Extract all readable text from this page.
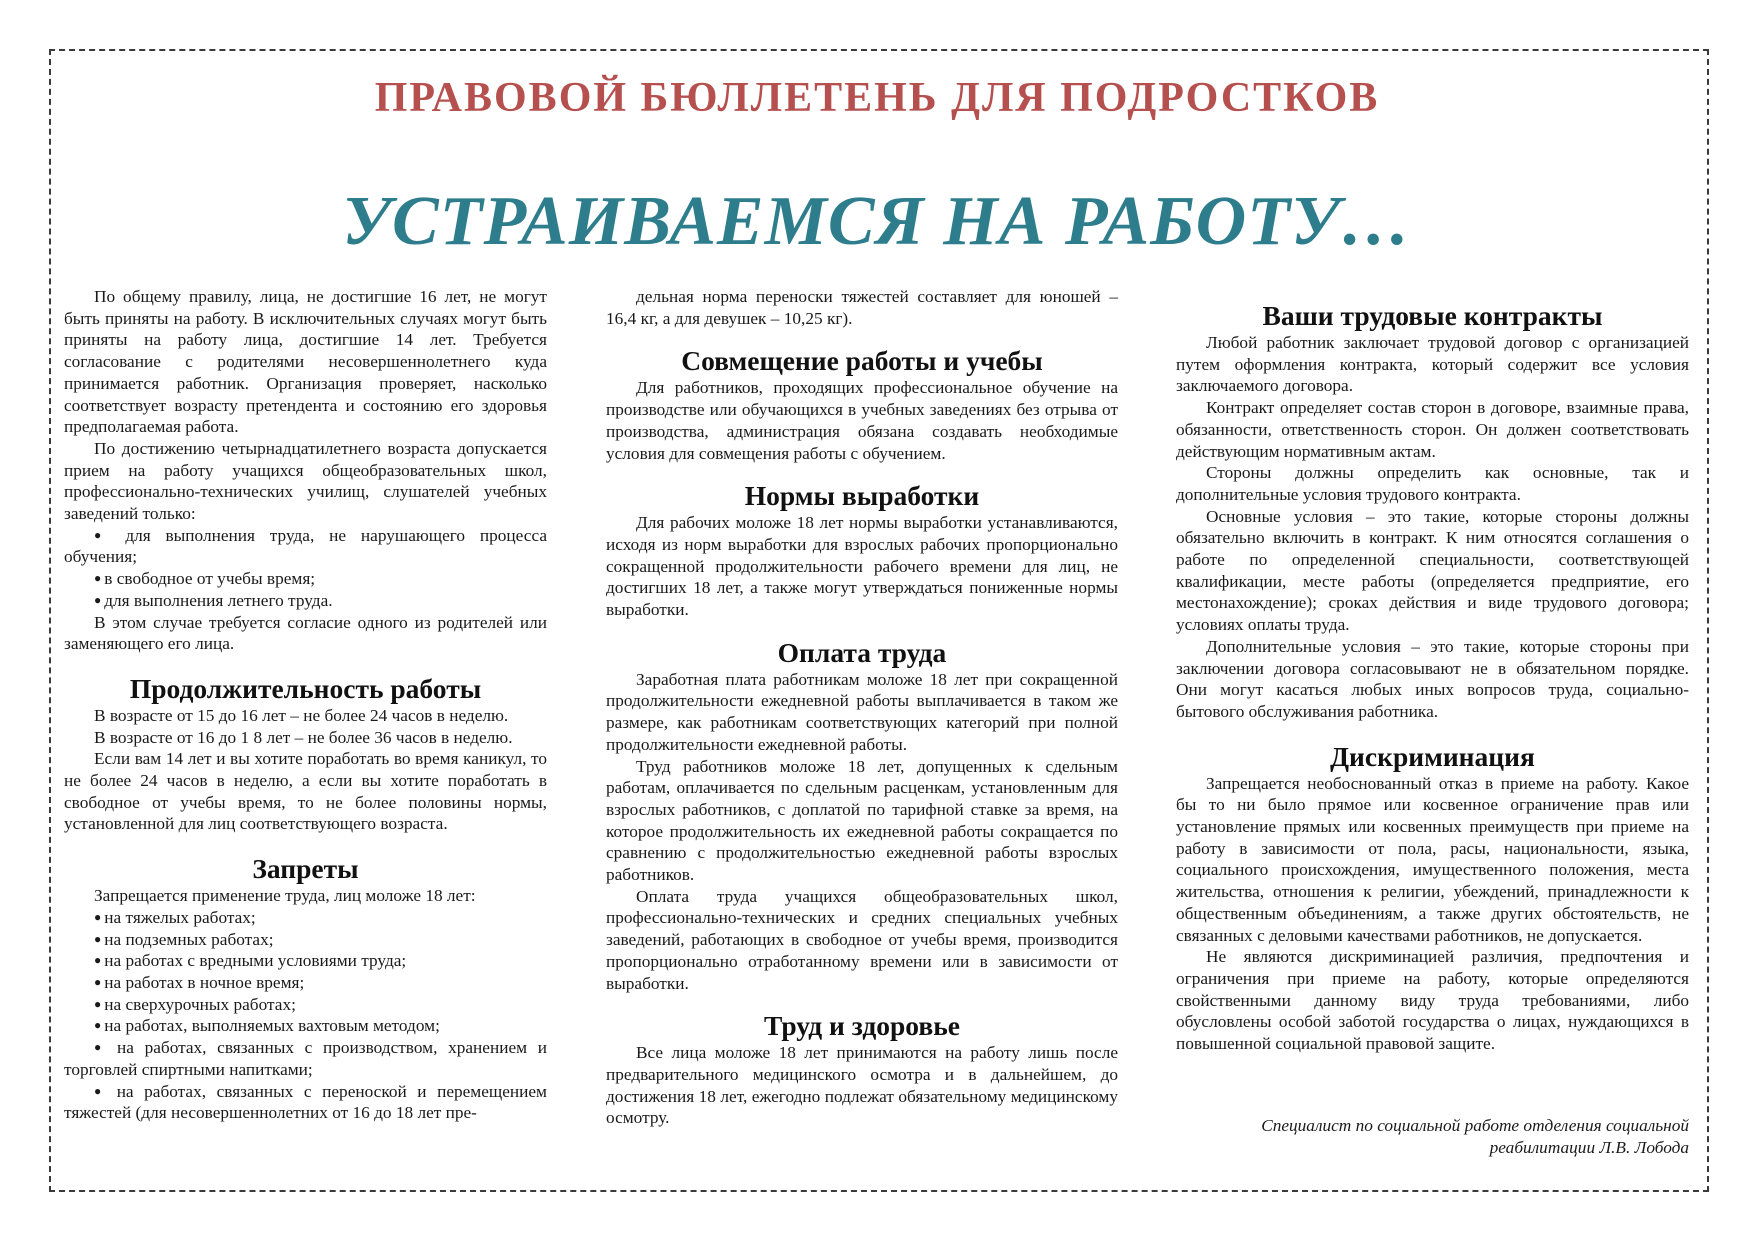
ПРАВОВОЙ БЮЛЛЕТЕНЬ ДЛЯ ПОДРОСТКОВ
УСТРАИВАЕМСЯ НА РАБОТУ…

По общему правилу, лица, не достигшие 16 лет, не могут быть приняты на работу. В исключительных случаях могут быть приняты на работу лица, достигшие 14 лет. Требуется согласование с родителями несовершеннолетнего куда принимается работник. Организация проверяет, насколько соответствует возрасту претендента и состоянию его здоровья предполагаемая работа.

По достижению четырнадцатилетнего возраста допускается прием на работу учащихся общеобразовательных школ, профессионально-технических училищ, слушателей учебных заведений только:

● для выполнения труда, не нарушающего процесса обучения;
● в свободное от учебы время;
● для выполнения летнего труда.

В этом случае требуется согласие одного из родителей или заменяющего его лица.

Продолжительность работы

В возрасте от 15 до 16 лет – не более 24 часов в неделю.

В возрасте от 16 до 1 8 лет – не более 36 часов в неделю.

Если вам 14 лет и вы хотите поработать во время каникул, то не более 24 часов в неделю, а если вы хотите поработать в свободное от учебы время, то не более половины нормы, установленной для лиц соответствующего возраста.

Запреты

Запрещается применение труда, лиц моложе 18 лет:

● на тяжелых работах;
● на подземных работах;
● на работах с вредными условиями труда;
● на работах в ночное время;
● на сверхурочных работах;
● на работах, выполняемых вахтовым методом;
● на работах, связанных с производством, хранением и торговлей спиртными напитками;
● на работах, связанных с переноской и перемещением тяжестей (для несовершеннолетних от 16 до 18 лет пре-

дельная норма переноски тяжестей составляет для юношей – 16,4 кг, а для девушек – 10,25 кг).

Совмещение работы и учебы

Для работников, проходящих профессиональное обучение на производстве или обучающихся в учебных заведениях без отрыва от производства, администрация обязана создавать необходимые условия для совмещения работы с обучением.

Нормы выработки

Для рабочих моложе 18 лет нормы выработки устанавливаются, исходя из норм выработки для взрослых рабочих пропорционально сокращенной продолжительности рабочего времени для лиц, не достигших 18 лет, а также могут утверждаться пониженные нормы выработки.

Оплата труда

Заработная плата работникам моложе 18 лет при сокращенной продолжительности ежедневной работы выплачивается в таком же размере, как работникам соответствующих категорий при полной продолжительности ежедневной работы.

Труд работников моложе 18 лет, допущенных к сдельным работам, оплачивается по сдельным расценкам, установленным для взрослых работников, с доплатой по тарифной ставке за время, на которое продолжительность их ежедневной работы сокращается по сравнению с продолжительностью ежедневной работы взрослых работников.

Оплата труда учащихся общеобразовательных школ, профессионально-технических и средних специальных учебных заведений, работающих в свободное от учебы время, производится пропорционально отработанному времени или в зависимости от выработки.

Труд и здоровье

Все лица моложе 18 лет принимаются на работу лишь после предварительного медицинского осмотра и в дальнейшем, до достижения 18 лет, ежегодно подлежат обязательному медицинскому осмотру.

Ваши трудовые контракты

Любой работник заключает трудовой договор с организацией путем оформления контракта, который содержит все условия заключаемого договора.

Контракт определяет состав сторон в договоре, взаимные права, обязанности, ответственность сторон. Он должен соответствовать действующим нормативным актам.

Стороны должны определить как основные, так и дополнительные условия трудового контракта.

Основные условия – это такие, которые стороны должны обязательно включить в контракт. К ним относятся соглашения о работе по определенной специальности, соответствующей квалификации, месте работы (определяется предприятие, его местонахождение); сроках действия и виде трудового договора; условиях оплаты труда.

Дополнительные условия – это такие, которые стороны при заключении договора согласовывают не в обязательном порядке. Они могут касаться любых иных вопросов труда, социально-бытового обслуживания работника.

Дискриминация

Запрещается необоснованный отказ в приеме на работу. Какое бы то ни было прямое или косвенное ограничение прав или установление прямых или косвенных преимуществ при приеме на работу в зависимости от пола, расы, национальности, языка, социального происхождения, имущественного положения, места жительства, отношения к религии, убеждений, принадлежности к общественным объединениям, а также других обстоятельств, не связанных с деловыми качествами работников, не допускается.

Не являются дискриминацией различия, предпочтения и ограничения при приеме на работу, которые определяются свойственными данному виду труда требованиями, либо обусловлены особой заботой государства о лицах, нуждающихся в повышенной социальной правовой защите.

Специалист по социальной работе отделения социальной реабилитации Л.В. Лобода
